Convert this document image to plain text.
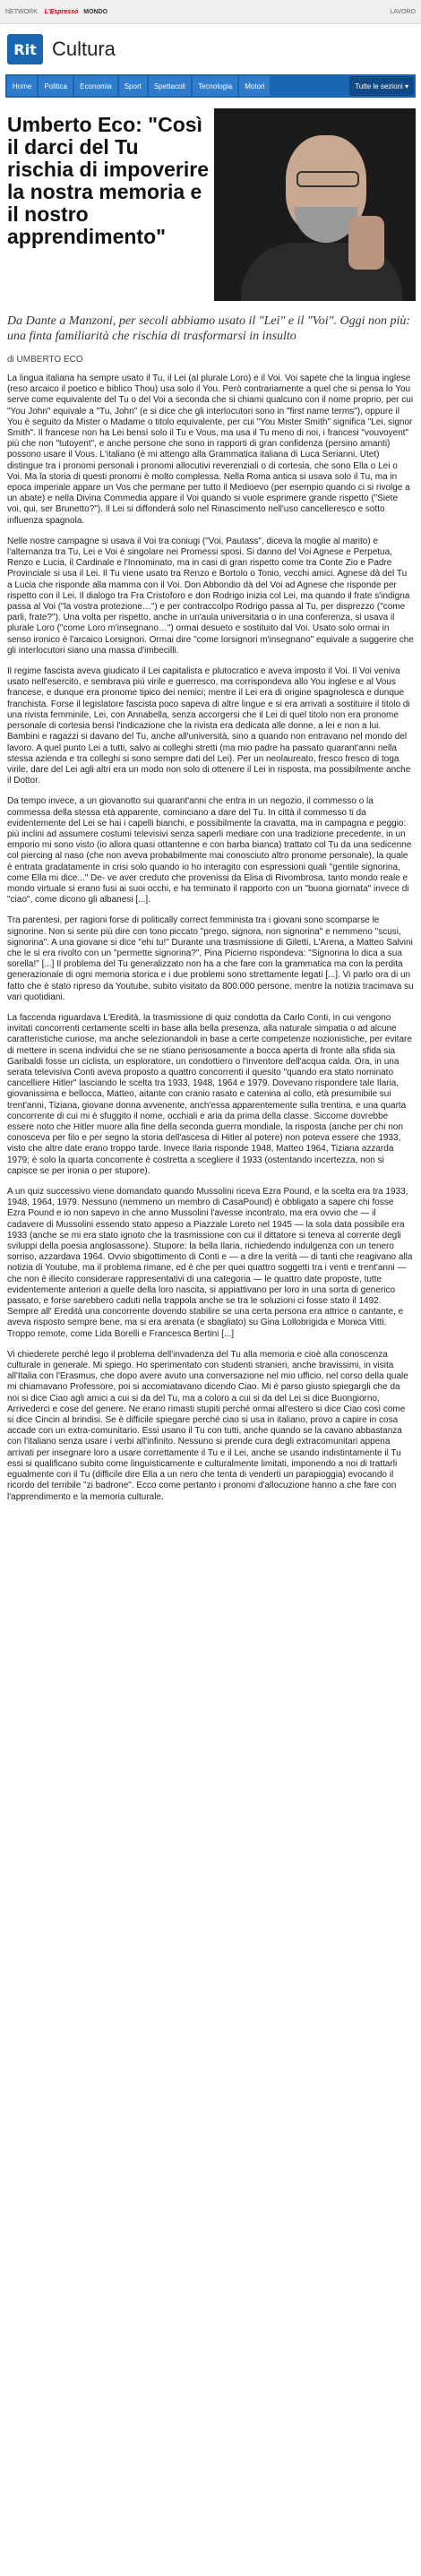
NETWORK L'Espresso MONDO	LAVORO
Rit Cultura
Home	Politica	Economia	Sport	Spettacoli	Tecnologia	Motori	Tutte le sezioni ▾
Umberto Eco: "Così il darci del Tu rischia di impoverire la nostra memoria e il nostro apprendimento"
Da Dante a Manzoni, per secoli abbiamo usato il "Lei" e il "Voi". Oggi non più: una finta familiarità che rischia di trasformarsi in insulto
di UMBERTO ECO

La lingua italiana ha sempre usato il Tu, il Lei (al plurale Loro) e il Voi. Voi sapete che la lingua inglese (reso arcaico il poetico e biblico Thou) usa solo il You. Però contrariamente a quel che si pensa lo You serve come equivalente del Tu o del Voi a seconda che si chiami qualcuno con il nome proprio, per cui "You John" equivale a "Tu, John" (e si dice che gli interlocutori sono in "first name terms"), oppure il You è seguito da Mister o Madame o titolo equivalente, per cui "You Mister Smith" significa "Lei, signor Smith". Il francese non ha Lei bensì solo il Tu e Vous, ma usa il Tu meno di noi, i francesi "vouvoyent" più che non "tutoyent", e anche persone che sono in rapporti di gran confidenza (persino amanti) possono usare il Vous. L'italiano (è mi attengo alla Grammatica italiana di Luca Serianni, Utet) distingue tra i pronomi personali i pronomi allocutivi reverenziali o di cortesia, che sono Ella o Lei o Voi. Ma la storia di questi pronomi è molto complessa. Nella Roma antica si usava solo il Tu, ma in epoca imperiale appare un Vos che permane per tutto il Medioevo (per esempio quando ci si rivolge a un abate) e nella Divina Commedia appare il Voi quando si vuole esprimere grande rispetto ("Siete voi, qui, ser Brunetto?"). Il Lei si diffonderà solo nel Rinascimento nell'uso cancelleresco e sotto influenza spagnola.

Nelle nostre campagne si usava il Voi tra coniugi ("Voi, Pautass", diceva la moglie al marito) e l'alternanza tra Tu, Lei e Voi è singolare nei Promessi sposi. Si danno del Voi Agnese e Perpetua, Renzo e Lucia, il Cardinale e l'Innominato, ma in casi di gran rispetto come tra Conte Zio e Padre Provinciale si usa il Lei. Il Tu viene usato tra Renzo e Bortolo o Tonio, vecchi amici. Agnese dà del Tu a Lucia che risponde alla mamma con il Voi. Don Abbondio dà del Voi ad Agnese che risponde per rispetto con il Lei. Il dialogo tra Fra Cristoforo e don Rodrigo inizia col Lei, ma quando il frate s'indigna passa al Voi ("la vostra protezione…") e per contraccolpo Rodrigo passa al Tu, per disprezzo ("come parli, frate?"). Una volta per rispetto, anche in un'aula universitaria o in una conferenza, si usava il plurale Loro ("come Loro m'insegnano…") ormai desueto e sostituito dal Voi. Usato solo ormai in senso ironico è l'arcaico Lorsignori. Ormai dire "come lorsignori m'insegnano" equivale a suggerire che gli interlocutori siano una massa d'imbecilli.

Il regime fascista aveva giudicato il Lei capitalista e plutocratico e aveva imposto il Voi. Il Voi veniva usato nell'esercito, e sembrava più virile e guerresco, ma corrispondeva allo You inglese e al Vous francese, e dunque era pronome tipico dei nemici; mentre il Lei era di origine spagnolesca e dunque franchista. Forse il legislatore fascista poco sapeva di altre lingue e si era arrivati a sostituire il titolo di una rivista femminile, Lei, con Annabella, senza accorgersi che il Lei di quel titolo non era pronome personale di cortesia bensì l'indicazione che la rivista era dedicata alle donne, a lei e non a lui. Bambini e ragazzi si davano del Tu, anche all'università, sino a quando non entravano nel mondo del lavoro. A quel punto Lei a tutti, salvo ai colleghi stretti (ma mio padre ha passato quarant'anni nella stessa azienda e tra colleghi si sono sempre dati del Lei). Per un neolaureato, fresco fresco di toga virile, dare del Lei agli altri era un modo non solo di ottenere il Lei in risposta, ma possibilmente anche il Dottor.

Da tempo invece, a un giovanotto sui quarant'anni che entra in un negozio, il commesso o la commessa della stessa età apparente, cominciano a dare del Tu. In città il commesso ti da evidentemente del Lei se hai i capelli bianchi, e possibilmente la cravatta, ma in campagna e peggio: più inclini ad assumere costumi televisivi senza saperli mediare con una tradizione precedente, in un emporio mi sono visto (io allora quasi ottantenne e con barba bianca) trattato col Tu da una sedicenne col piercing al naso (che non aveva probabilmente mai conosciuto altro pronome personale), la quale è entrata gradatamente in crisi solo quando io ho interagito con espressioni quali "gentile signorina, come Ella mi dice..." De- ve aver creduto che provenissi da Elisa di Rivombrosa, tanto mondo reale e mondo virtuale si erano fusi ai suoi occhi, e ha terminato il rapporto con un "buona giornata" invece di "ciao", come dicono gli albanesi [...].

Tra parentesi, per ragioni forse di politically correct femminista tra i giovani sono scomparse le signorine. Non si sente più dire con tono piccato "prego, signora, non signorina" e nemmeno "scusi, signorina". A una giovane si dice "ehi tu!" Durante una trasmissione di Giletti, L'Arena, a Matteo Salvini che le si era rivolto con un "permette signorina?", Pina Picierno rispondeva: "Signorina lo dica a sua sorella!" [...] Il problema del Tu generalizzato non ha a che fare con la grammatica ma con la perdita generazionale di ogni memoria storica e i due problemi sono strettamente legati [...]. Vi parlo ora di un fatto che è stato ripreso da Youtube, subito visitato da 800.000 persone, mentre la notizia tracimava su vari quotidiani.

La faccenda riguardava L'Eredità, la trasmissione di quiz condotta da Carlo Conti, in cui vengono invitati concorrenti certamente scelti in base alla bella presenza, alla naturale simpatia o ad alcune caratteristiche curiose, ma anche selezionandoli in base a certe competenze nozionistiche, per evitare di mettere in scena individui che se ne stiano pensosamente a bocca aperta di fronte alla sfida sia Garibaldi fosse un ciclista, un esploratore, un condottiero o l'inventore dell'acqua calda. Ora, in una serata televisiva Conti aveva proposto a quattro concorrenti il quesito "quando era stato nominato cancelliere Hitler" lasciando le scelta tra 1933, 1948, 1964 e 1979. Dovevano rispondere tale Ilaria, giovanissima e bellocca, Matteo, aitante con cranio rasato e catenina al collo, età presumibile sui trent'anni, Tiziana, giovane donna avvenente, anch'essa apparentemente sulla trentina, e una quarta concorrente di cui mi è sfuggito il nome, occhiali e aria da prima della classe. Siccome dovrebbe essere noto che Hitler muore alla fine della seconda guerra mondiale, la risposta (anche per chi non conosceva per filo e per segno la storia dell'ascesa di Hitler al potere) non poteva essere che 1933, visto che altre date erano troppo tarde. Invece Ilaria risponde 1948, Matteo 1964, Tiziana azzarda 1979; è solo la quarta concorrente è costretta a scegliere il 1933 (ostentando incertezza, non si capisce se per ironia o per stupore).

A un quiz successivo viene domandato quando Mussolini riceva Ezra Pound, e la scelta era tra 1933, 1948, 1964, 1979. Nessuno (nemmeno un membro di CasaPound) è obbligato a sapere chi fosse Ezra Pound e io non sapevo in che anno Mussolini l'avesse incontrato, ma era ovvio che — il cadavere di Mussolini essendo stato appeso a Piazzale Loreto nel 1945 — la sola data possibile era 1933 (anche se mi era stato ignoto che la trasmissione con cui il dittatore si teneva al corrente degli sviluppi della poesia anglosassone). Stupore: la bella Ilaria, richiedendo indulgenza con un tenero sorriso, azzardava 1964. Ovvio sbigottimento di Conti e — a dire la verità — di tanti che reagivano alla notizia di Youtube, ma il problema rimane, ed è che per quei quattro soggetti tra i venti e trent'anni — che non è illecito considerare rappresentativi di una categoria — le quattro date proposte, tutte evidentemente anteriori a quelle della loro nascita, si appiattivano per loro in una sorta di generico passato, e forse sarebbero caduti nella trappola anche se tra le soluzioni ci fosse stato il 1492. Sempre all' Eredità una concorrente dovendo stabilire se una certa persona era attrice o cantante, e aveva risposto sempre bene, ma si era arenata (e sbagliato) su Gina Lollobrigida e Monica Vitti. Troppo remote, come Lida Borelli e Francesca Bertini [...]

Vi chiederete perché lego il problema dell'invadenza del Tu alla memoria e cioè alla conoscenza culturale in generale. Mi spiego. Ho sperimentato con studenti stranieri, anche bravissimi, in visita all'Italia con l'Erasmus, che dopo avere avuto una conversazione nel mio ufficio, nel corso della quale mi chiamavano Professore, poi si accomiatavano dicendo Ciao. Mi è parso giusto spiegargli che da noi si dice Ciao agli amici a cui si da del Tu, ma a coloro a cui si da del Lei si dice Buongiorno, Arrivederci e cose del genere. Ne erano rimasti stupiti perché ormai all'estero si dice Ciao così come si dice Cincin al brindisi. Se è difficile spiegare perché ciao si usa in italiano, provo a capire in cosa accade con un extra-comunitario. Essi usano il Tu con tutti, anche quando se la cavano abbastanza con l'italiano senza usare i verbi all'infinito. Nessuno si prende cura degli extracomunitari appena arrivati per insegnare loro a usare correttamente il Tu e il Lei, anche se usando indistintamente il Tu essi si qualificano subito come linguisticamente e culturalmente limitati, imponendo a noi di trattarli egualmente con il Tu (difficile dire Ella a un nero che tenta di venderti un parapioggia) evocando il ricordo del terribile "zi badrone". Ecco come pertanto i pronomi d'allocuzione hanno a che fare con l'apprendimento e la memoria culturale.
